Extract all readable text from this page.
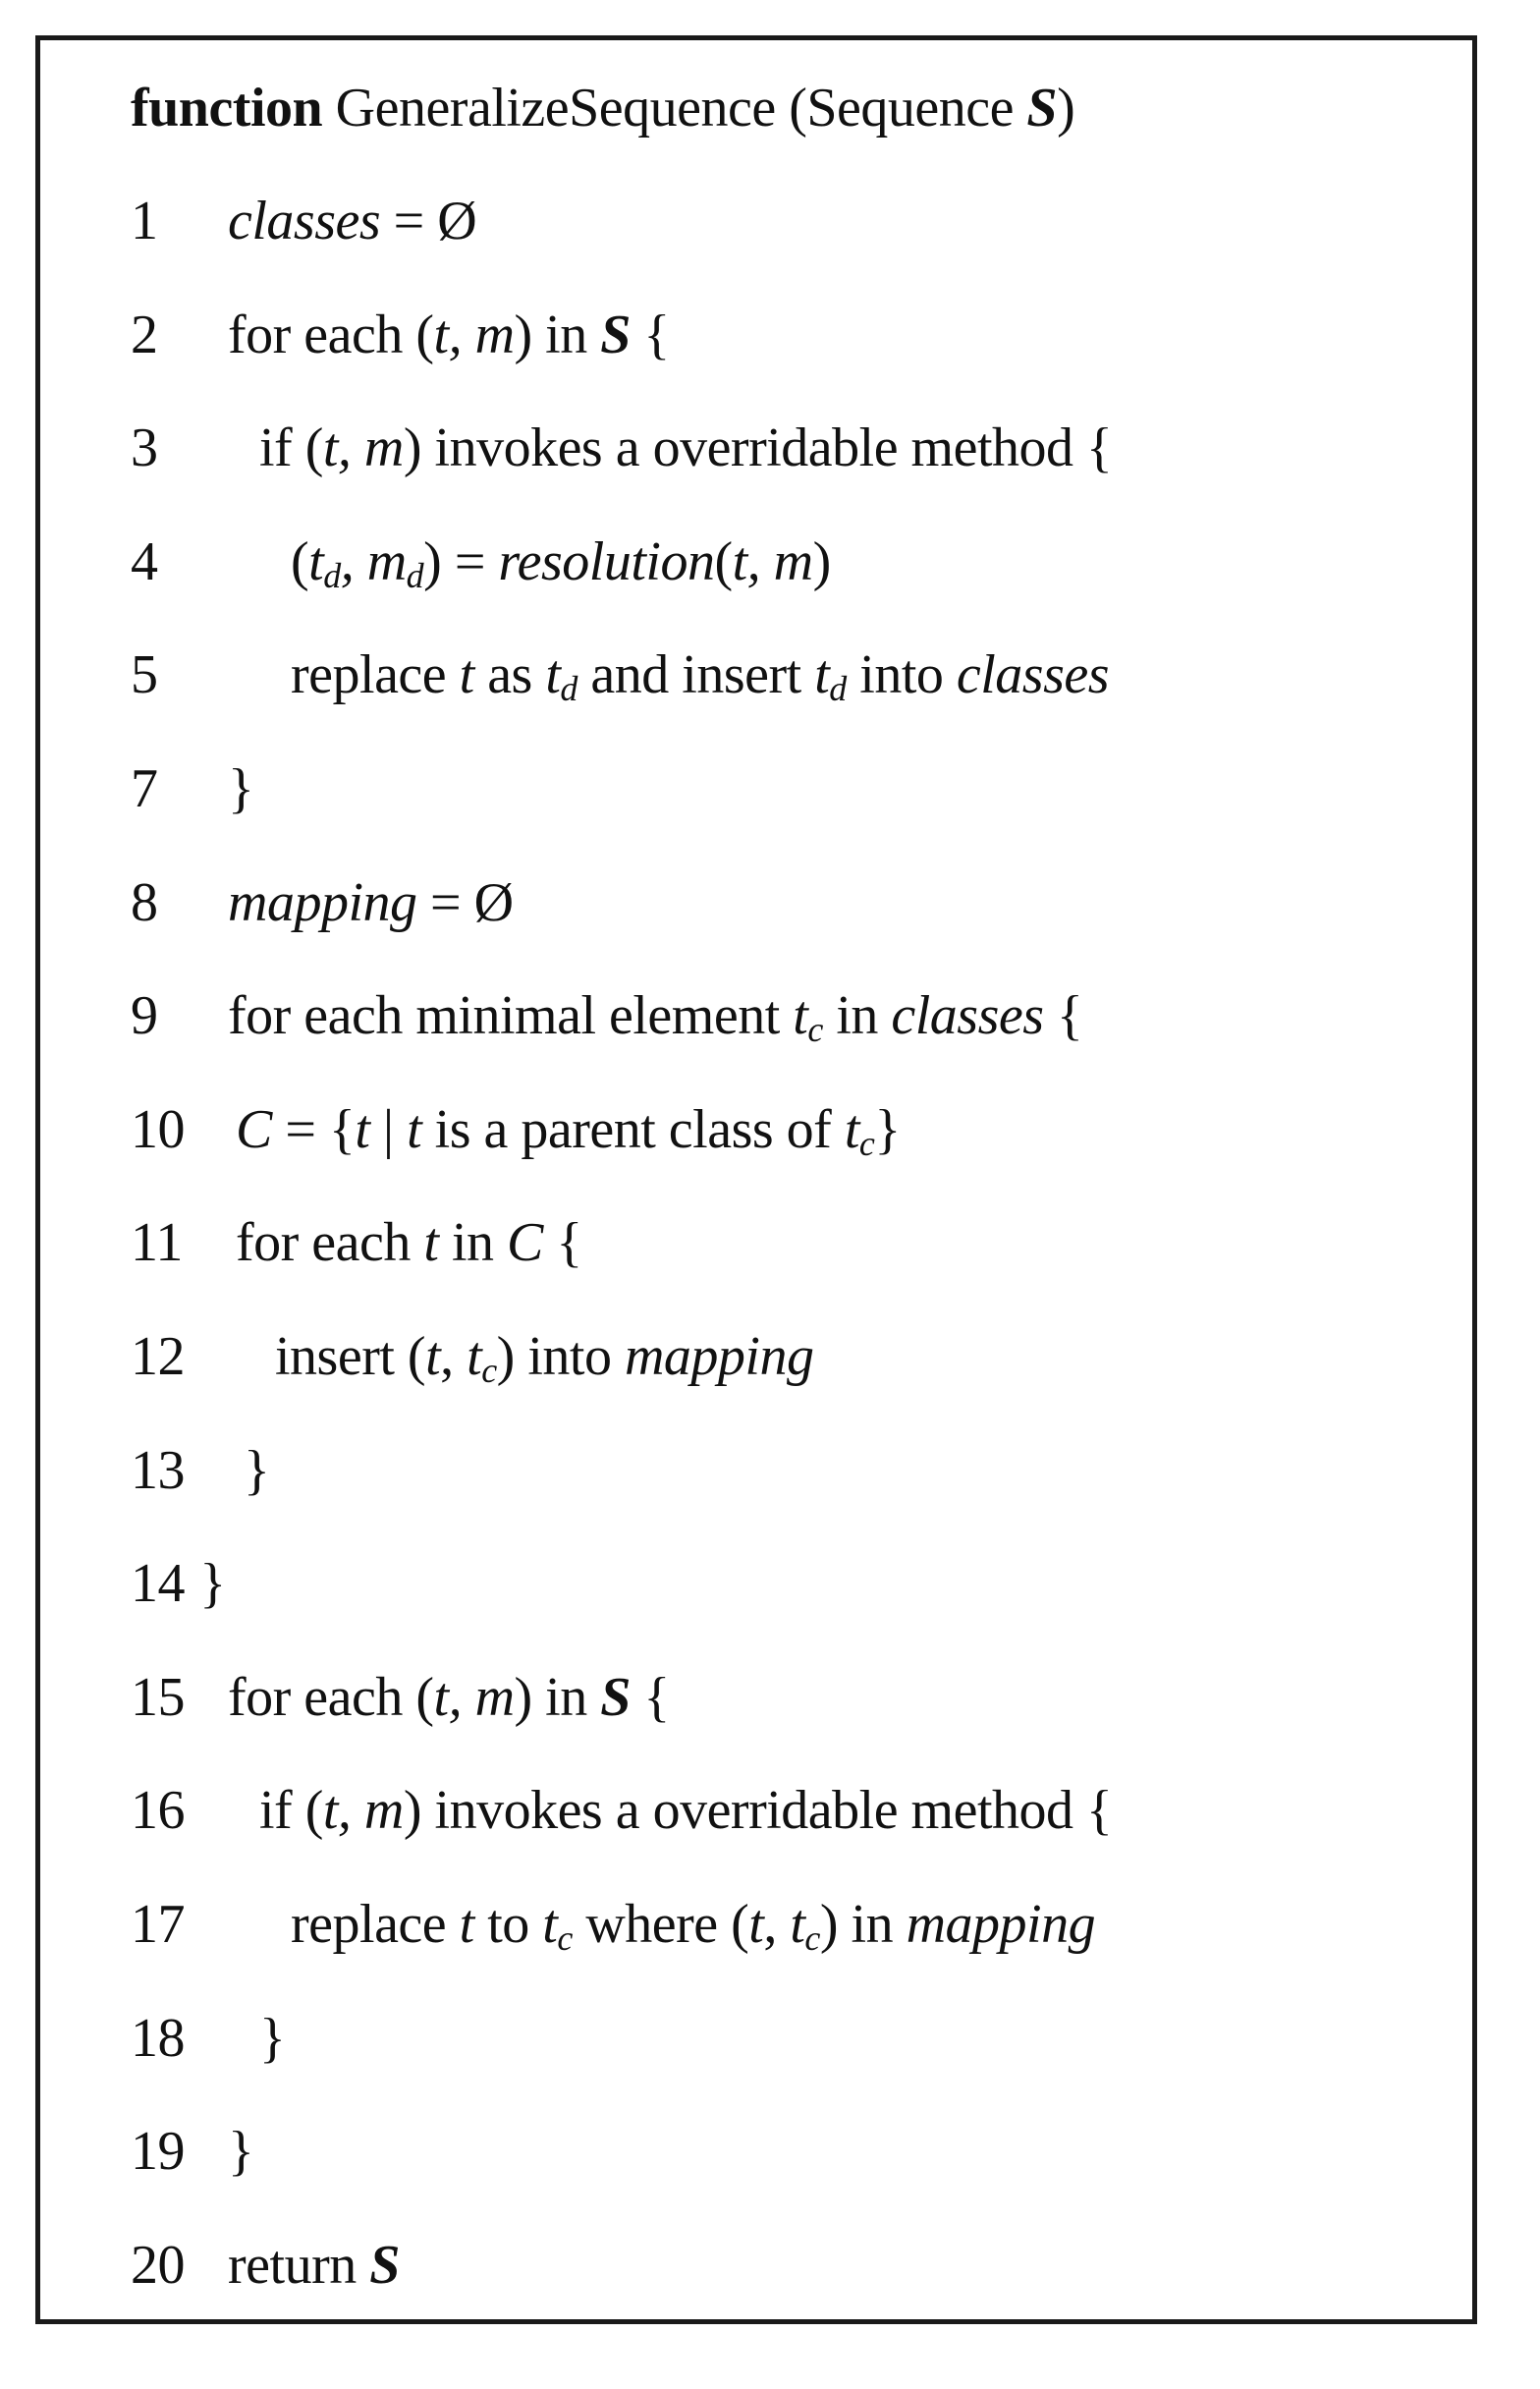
function GeneralizeSequence (Sequence S)
1 classes = Ø
2 for each (t, m) in S {
3 if (t, m) invokes a overridable method {
4 ($t_d$, $m_d$) = resolution(t, m)
5 replace t as $t_d$ and insert $t_d$ into classes
7 }
8 mapping = Ø
9 for each minimal element $t_c$ in classes {
10 C = {t | t is a parent class of $t_c$}
11 for each t in C {
12 insert (t, $t_c$) into mapping
13 }
14 }
15 for each (t, m) in S {
16 if (t, m) invokes a overridable method {
17 replace t to $t_c$ where (t, $t_c$) in mapping
18 }
19 }
20 return S
